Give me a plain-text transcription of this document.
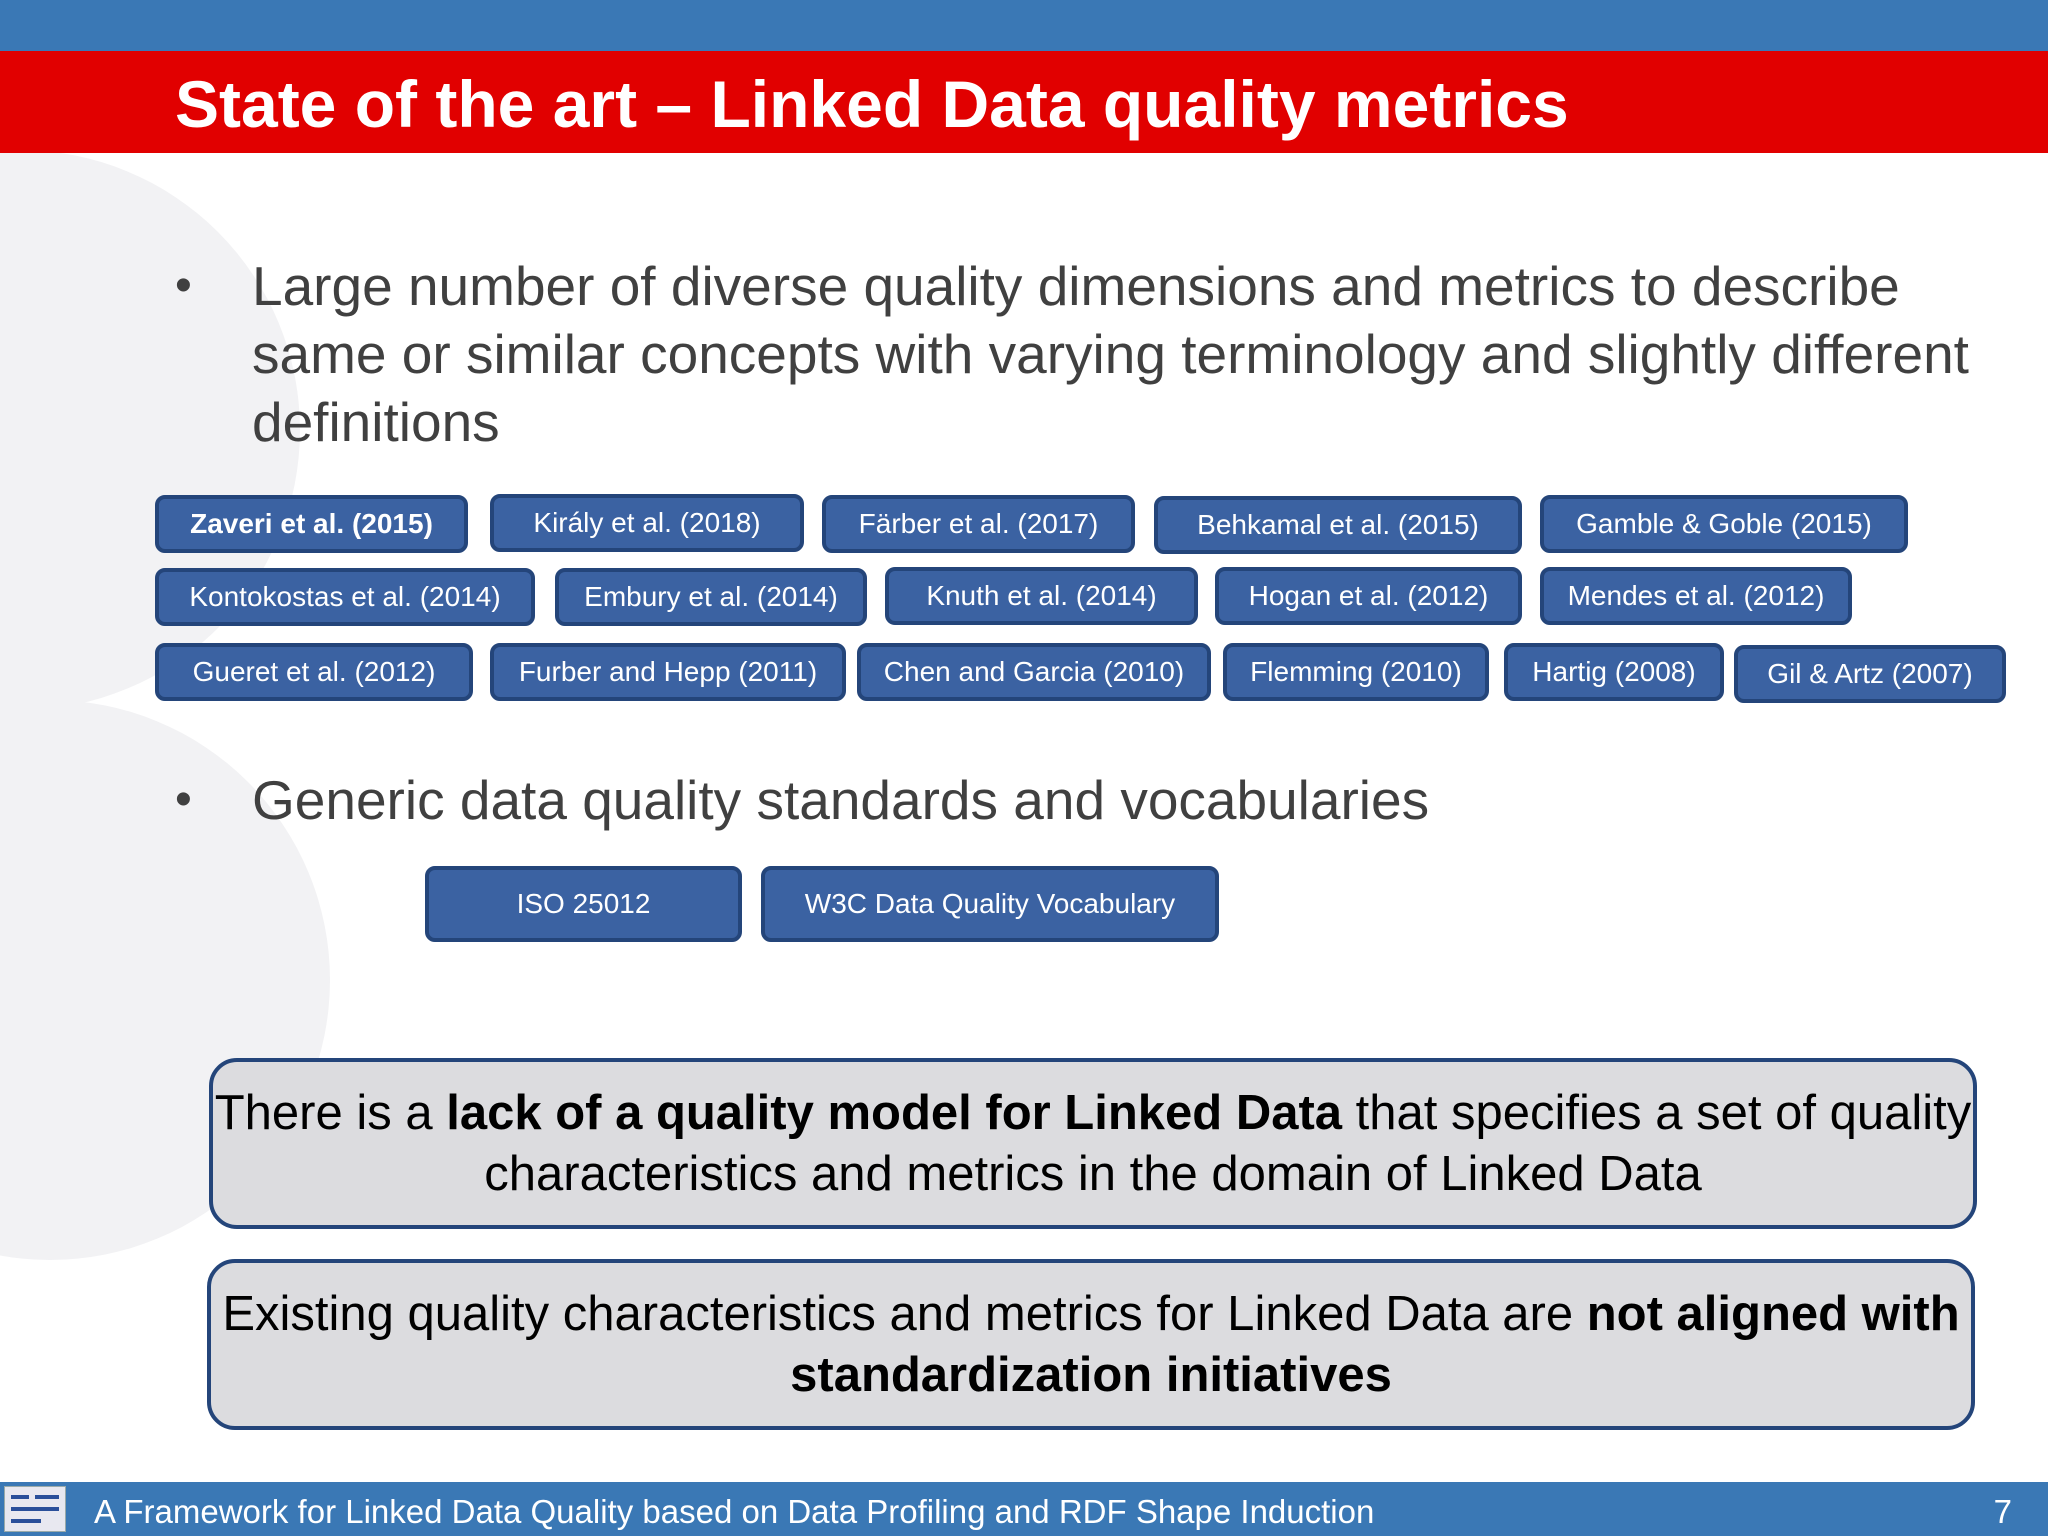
State of the art – Linked Data quality metrics
• Large number of diverse quality dimensions and metrics to describe same or similar concepts with varying terminology and slightly different definitions
Zaveri et al. (2015)	Király et al. (2018)	Färber et al. (2017)	Behkamal et al. (2015)	Gamble & Goble (2015)
Kontokostas et al. (2014)	Embury et al. (2014)	Knuth et al. (2014)	Hogan et al. (2012)	Mendes et al. (2012)
Gueret et al. (2012)	Furber and Hepp (2011)	Chen and Garcia (2010)	Flemming (2010)	Hartig (2008)	Gil & Artz (2007)
• Generic data quality standards and vocabularies
ISO 25012	W3C Data Quality Vocabulary
There is a lack of a quality model for Linked Data that specifies a set of quality characteristics and metrics in the domain of Linked Data
Existing quality characteristics and metrics for Linked Data are not aligned with standardization initiatives
A Framework for Linked Data Quality based on Data Profiling and RDF Shape Induction	7
